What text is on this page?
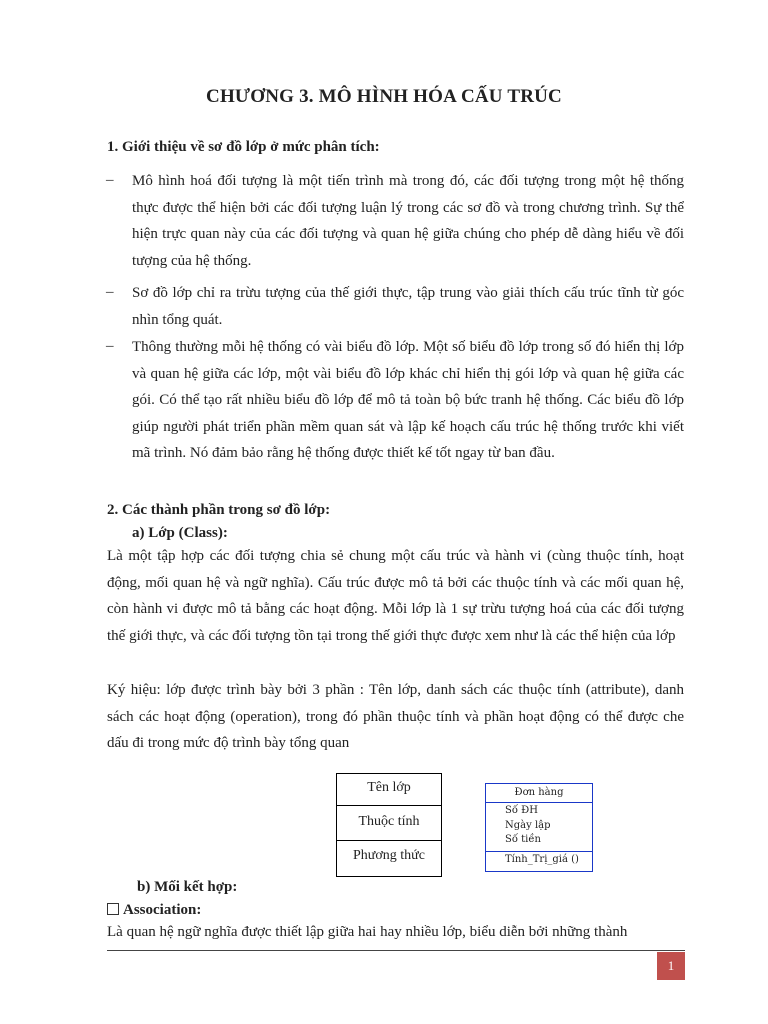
CHƯƠNG 3. MÔ HÌNH HÓA CẤU TRÚC
1. Giới thiệu về sơ đồ lớp ở mức phân tích:
– Mô hình hoá đối tượng là một tiến trình mà trong đó, các đối tượng trong một hệ thống thực được thể hiện bởi các đối tượng luận lý trong các sơ đồ và trong chương trình. Sự thể hiện trực quan này của các đối tượng và quan hệ giữa chúng cho phép dễ dàng hiểu về đối tượng của hệ thống.
– Sơ đồ lớp chỉ ra trừu tượng của thế giới thực, tập trung vào giải thích cấu trúc tĩnh từ góc nhìn tổng quát.
– Thông thường mỗi hệ thống có vài biểu đồ lớp. Một số biểu đồ lớp trong số đó hiển thị lớp và quan hệ giữa các lớp, một vài biểu đồ lớp khác chỉ hiển thị gói lớp và quan hệ giữa các gói. Có thể tạo rất nhiều biểu đồ lớp để mô tả toàn bộ bức tranh hệ thống. Các biểu đồ lớp giúp người phát triển phần mềm quan sát và lập kế hoạch cấu trúc hệ thống trước khi viết mã trình. Nó đảm bảo rằng hệ thống được thiết kế tốt ngay từ ban đầu.
2. Các thành phần trong sơ đồ lớp:
a) Lớp (Class):
Là một tập hợp các đối tượng chia sẻ chung một cấu trúc và hành vi (cùng thuộc tính, hoạt động, mối quan hệ và ngữ nghĩa). Cấu trúc được mô tả bởi các thuộc tính và các mối quan hệ, còn hành vi được mô tả bằng các hoạt động. Mỗi lớp là 1 sự trừu tượng hoá của các đối tượng thế giới thực, và các đối tượng tồn tại trong thế giới thực được xem như là các thể hiện của lớp
Ký hiệu: lớp được trình bày bởi 3 phần : Tên lớp, danh sách các thuộc tính (attribute), danh sách các hoạt động (operation), trong đó phần thuộc tính và phần hoạt động có thể được che dấu đi trong mức độ trình bày tổng quan
Tên lớp
Thuộc tính
Phương thức
Đơn hàng
Số ĐH
Ngày lập
Số tiền
Tính_Trị_giá ()
b) Mối kết hợp:
Association:
Là quan hệ ngữ nghĩa được thiết lập giữa hai hay nhiều lớp, biểu diễn bởi những thành
1
